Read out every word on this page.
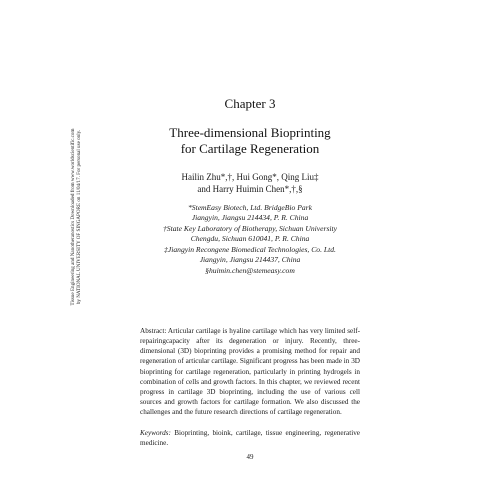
Tissue Engineering and Nanotheranostics Downloaded from www.worldscientific.com by NATIONAL UNIVERSITY OF SINGAPORE on 11/04/17. For personal use only.
Chapter 3
Three-dimensional Bioprinting
for Cartilage Regeneration
Hailin Zhu*,†, Hui Gong*, Qing Liu‡
and Harry Huimin Chen*,†,§
*StemEasy Biotech, Ltd. BridgeBio Park
Jiangyin, Jiangsu 214434, P. R. China
†State Key Laboratory of Biotherapy, Sichuan University
Chengdu, Sichuan 610041, P. R. China
‡Jiangyin Recongene Biomedical Technologies, Co. Ltd.
Jiangyin, Jiangsu 214437, China
§huimin.chen@stemeasy.com

Abstract: Articular cartilage is hyaline cartilage which has very limited self-repairingcapacity after its degeneration or injury. Recently, three-dimensional (3D) bioprinting provides a promising method for repair and regeneration of articular cartilage. Significant progress has been made in 3D bioprinting for cartilage regeneration, particularly in printing hydrogels in combination of cells and growth factors. In this chapter, we reviewed recent progress in cartilage 3D bioprinting, including the use of various cell sources and growth factors for cartilage formation. We also discussed the challenges and the future research directions of cartilage regeneration.

Keywords: Bioprinting, bioink, cartilage, tissue engineering, regenerative medicine.

49
